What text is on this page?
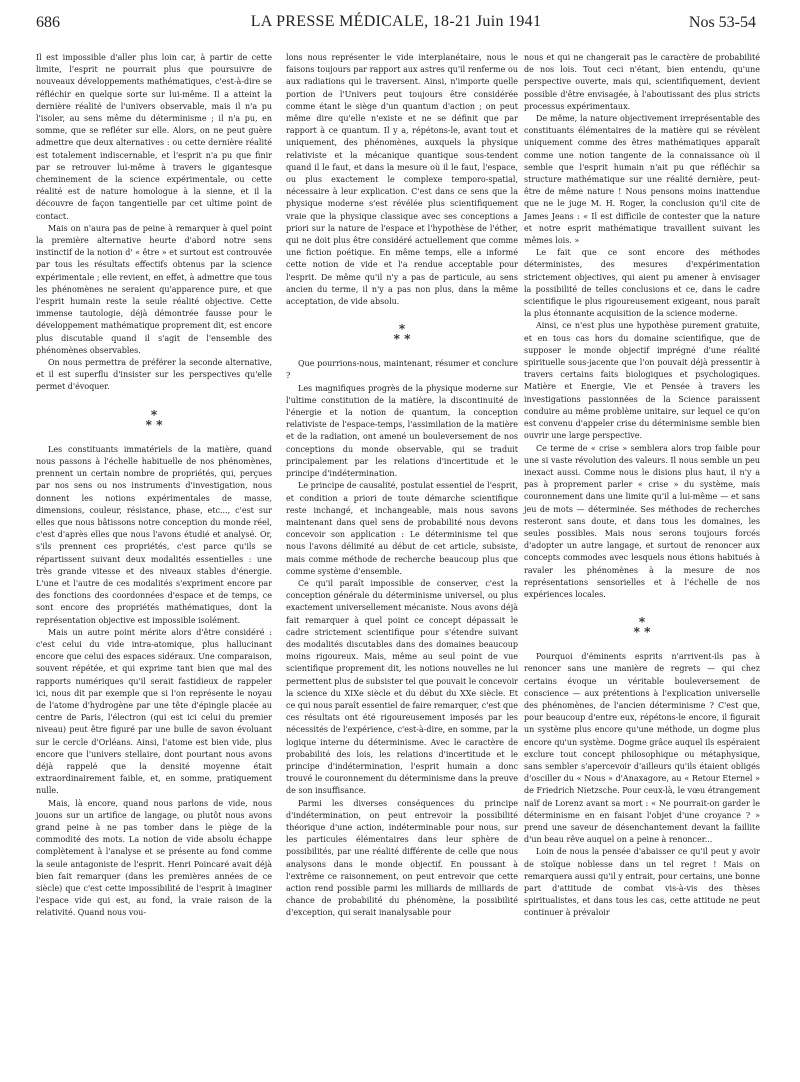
686	LA PRESSE MÉDICALE, 18-21 Juin 1941	Nos 53-54

Il est impossible d'aller plus loin car, à partir de cette limite, l'esprit ne pourrait plus que poursuivre de nouveaux développements mathématiques, c'est-à-dire se réfléchir en quelque sorte sur lui-même. Il a atteint la dernière réalité de l'univers observable, mais il n'a pu l'isoler, au sens même du déterminisme ; il n'a pu, en somme, que se refléter sur elle. Alors, on ne peut guère admettre que deux alternatives : ou cette dernière réalité est totalement indiscernable, et l'esprit n'a pu que finir par se retrouver lui-même à travers le gigantesque cheminement de la science expérimentale, ou cette réalité est de nature homologue à la sienne, et il la découvre de façon tangentielle par cet ultime point de contact.

Mais on n'aura pas de peine à remarquer à quel point la première alternative heurte d'abord notre sens instinctif de la notion d' « être » et surtout est controuvée par tous les résultats effectifs obtenus par la science expérimentale ; elle revient, en effet, à admettre que tous les phénomènes ne seraient qu'apparence pure, et que l'esprit humain reste la seule réalité objective. Cette immense tautologie, déjà démontrée fausse pour le développement mathématique proprement dit, est encore plus discutable quand il s'agit de l'ensemble des phénomènes observables.

On nous permettra de préférer la seconde alternative, et il est superflu d'insister sur les perspectives qu'elle permet d'évoquer.

*
* *

Les constituants immatériels de la matière, quand nous passons à l'échelle habituelle de nos phénomènes, prennent un certain nombre de propriétés, qui, perçues par nos sens ou nos instruments d'investigation, nous donnent les notions expérimentales de masse, dimensions, couleur, résistance, phase, etc..., c'est sur elles que nous bâtissons notre conception du monde réel, c'est d'après elles que nous l'avons étudié et analysé. Or, s'ils prennent ces propriétés, c'est parce qu'ils se répartissent suivant deux modalités essentielles : une très grande vitesse et des niveaux stables d'énergie. L'une et l'autre de ces modalités s'expriment encore par des fonctions des coordonnées d'espace et de temps, ce sont encore des propriétés mathématiques, dont la représentation objective est impossible isolément.

Mais un autre point mérite alors d'être considéré : c'est celui du vide intra-atomique, plus hallucinant encore que celui des espaces sidéraux. Une comparaison, souvent répétée, et qui exprime tant bien que mal des rapports numériques qu'il serait fastidieux de rappeler ici, nous dit par exemple que si l'on représente le noyau de l'atome d'hydrogène par une tête d'épingle placée au centre de Paris, l'électron (qui est ici celui du premier niveau) peut être figuré par une bulle de savon évoluant sur le cercle d'Orléans. Ainsi, l'atome est bien vide, plus encore que l'univers stellaire, dont pourtant nous avons déjà rappelé que la densité moyenne était extraordinairement faible, et, en somme, pratiquement nulle.

Mais, là encore, quand nous parlons de vide, nous jouons sur un artifice de langage, ou plutôt nous avons grand peine à ne pas tomber dans le piège de la commodité des mots. La notion de vide absolu échappe complètement à l'analyse et se présente au fond comme la seule antagoniste de l'esprit. Henri Poincaré avait déjà bien fait remarquer (dans les premières années de ce siècle) que c'est cette impossibilité de l'esprit à imaginer l'espace vide qui est, au fond, la vraie raison de la relativité. Quand nous vou-

lons nous représenter le vide interplanétaire, nous le faisons toujours par rapport aux astres qu'il renferme ou aux radiations qui le traversent. Ainsi, n'importe quelle portion de l'Univers peut toujours être considérée comme étant le siège d'un quantum d'action ; on peut même dire qu'elle n'existe et ne se définit que par rapport à ce quantum. Il y a, répétons-le, avant tout et uniquement, des phénomènes, auxquels la physique relativiste et la mécanique quantique sous-tendent quand il le faut, et dans la mesure où il le faut, l'espace, ou plus exactement le complexe temporo-spatial, nécessaire à leur explication. C'est dans ce sens que la physique moderne s'est révélée plus scientifiquement vraie que la physique classique avec ses conceptions a priori sur la nature de l'espace et l'hypothèse de l'éther, qui ne doit plus être considéré actuellement que comme une fiction poétique. En même temps, elle a informé cette notion de vide et l'a rendue acceptable pour l'esprit. De même qu'il n'y a pas de particule, au sens ancien du terme, il n'y a pas non plus, dans la même acceptation, de vide absolu.

*
* *

Que pourrions-nous, maintenant, résumer et conclure ?

Les magnifiques progrès de la physique moderne sur l'ultime constitution de la matière, la discontinuité de l'énergie et la notion de quantum, la conception relativiste de l'espace-temps, l'assimilation de la matière et de la radiation, ont amené un bouleversement de nos conceptions du monde observable, qui se traduit principalement par les relations d'incertitude et le principe d'indétermination.

Le principe de causalité, postulat essentiel de l'esprit, et condition a priori de toute démarche scientifique reste inchangé, et inchangeable, mais nous savons maintenant dans quel sens de probabilité nous devons concevoir son application : Le déterminisme tel que nous l'avons délimité au début de cet article, subsiste, mais comme méthode de recherche beaucoup plus que comme système d'ensemble.

Ce qu'il paraît impossible de conserver, c'est la conception générale du déterminisme universel, ou plus exactement universellement mécaniste. Nous avons déjà fait remarquer à quel point ce concept dépassait le cadre strictement scientifique pour s'étendre suivant des modalités discutables dans des domaines beaucoup moins rigoureux. Mais, même au seul point de vue scientifique proprement dit, les notions nouvelles ne lui permettent plus de subsister tel que pouvait le concevoir la science du XIXe siècle et du début du XXe siècle. Et ce qui nous paraît essentiel de faire remarquer, c'est que ces résultats ont été rigoureusement imposés par les nécessités de l'expérience, c'est-à-dire, en somme, par la logique interne du déterminisme. Avec le caractère de probabilité des lois, les relations d'incertitude et le principe d'indétermination, l'esprit humain a donc trouvé le couronnement du déterminisme dans la preuve de son insuffisance.

Parmi les diverses conséquences du principe d'indétermination, on peut entrevoir la possibilité théorique d'une action, indéterminable pour nous, sur les particules élémentaires dans leur sphère de possibilités, par une réalité différente de celle que nous analysons dans le monde objectif. En poussant à l'extrême ce raisonnement, on peut entrevoir que cette action rend possible parmi les milliards de milliards de chance de probabilité du phénomène, la possibilité d'exception, qui serait inanalysable pour

nous et qui ne changerait pas le caractère de probabilité de nos lois. Tout ceci n'étant, bien entendu, qu'une perspective ouverte, mais qui, scientifiquement, devient possible d'être envisagée, à l'aboutissant des plus stricts processus expérimentaux.

De même, la nature objectivement irreprésentable des constituants élémentaires de la matière qui se révèlent uniquement comme des êtres mathématiques apparaît comme une notion tangente de la connaissance où il semble que l'esprit humain n'ait pu que réfléchir sa structure mathématique sur une réalité dernière, peut-être de même nature ! Nous pensons moins inattendue que ne le juge M. H. Roger, la conclusion qu'il cite de James Jeans : « Il est difficile de contester que la nature et notre esprit mathématique travaillent suivant les mêmes lois. »

Le fait que ce sont encore des méthodes déterministes, des mesures d'expérimentation strictement objectives, qui aient pu amener à envisager la possibilité de telles conclusions et ce, dans le cadre scientifique le plus rigoureusement exigeant, nous paraît la plus étonnante acquisition de la science moderne.

Ainsi, ce n'est plus une hypothèse purement gratuite, et en tous cas hors du domaine scientifique, que de supposer le monde objectif imprégné d'une réalité spirituelle sous-jacente que l'on pouvait déjà pressentir à travers certains faits biologiques et psychologiques. Matière et Energie, Vie et Pensée à travers les investigations passionnées de la Science paraissent conduire au même problème unitaire, sur lequel ce qu'on est convenu d'appeler crise du déterminisme semble bien ouvrir une large perspective.

Ce terme de « crise » semblera alors trop faible pour une si vaste révolution des valeurs. Il nous semble un peu inexact aussi. Comme nous le disions plus haut, il n'y a pas à proprement parler « crise » du système, mais couronnement dans une limite qu'il a lui-même — et sans jeu de mots — déterminée. Ses méthodes de recherches resteront sans doute, et dans tous les domaines, les seules possibles. Mais nous serons toujours forcés d'adopter un autre langage, et surtout de renoncer aux concepts commodes avec lesquels nous étions habitués à ravaler les phénomènes à la mesure de nos représentations sensorielles et à l'échelle de nos expériences locales.

*
* *

Pourquoi d'éminents esprits n'arrivent-ils pas à renoncer sans une manière de regrets — qui chez certains évoque un véritable bouleversement de conscience — aux prétentions à l'explication universelle des phénomènes, de l'ancien déterminisme ? C'est que, pour beaucoup d'entre eux, répétons-le encore, il figurait un système plus encore qu'une méthode, un dogme plus encore qu'un système. Dogme grâce auquel ils espéraient exclure tout concept philosophique ou métaphysique, sans sembler s'apercevoir d'ailleurs qu'ils étaient obligés d'osciller du « Nous » d'Anaxagore, au « Retour Eternel » de Friedrich Nietzsche. Pour ceux-là, le vœu étrangement naïf de Lorenz avant sa mort : « Ne pourrait-on garder le déterminisme en en faisant l'objet d'une croyance ? » prend une saveur de désenchantement devant la faillite d'un beau rêve auquel on a peine à renoncer...

Loin de nous la pensée d'abaisser ce qu'il peut y avoir de stoïque noblesse dans un tel regret ! Mais on remarquera aussi qu'il y entrait, pour certains, une bonne part d'attitude de combat vis-à-vis des thèses spiritualistes, et dans tous les cas, cette attitude ne peut continuer à prévaloir
